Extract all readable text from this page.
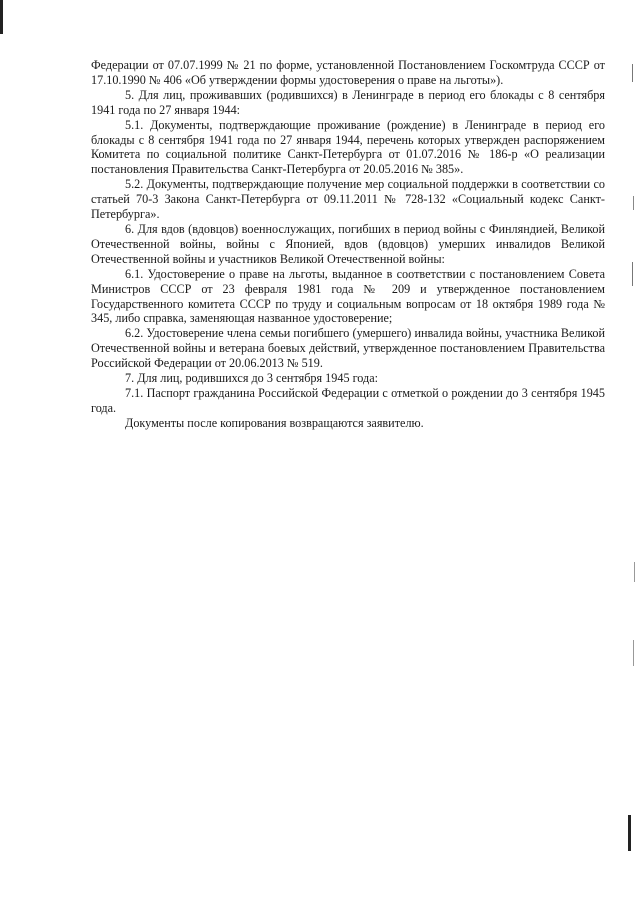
Федерации от 07.07.1999 № 21 по форме, установленной Постановлением Госкомтруда СССР от 17.10.1990 № 406 «Об утверждении формы удостоверения о праве на льготы»).

5. Для лиц, проживавших (родившихся) в Ленинграде в период его блокады с 8 сентября 1941 года по 27 января 1944:

5.1. Документы, подтверждающие проживание (рождение) в Ленинграде в период его блокады с 8 сентября 1941 года по 27 января 1944, перечень которых утвержден распоряжением Комитета по социальной политике Санкт-Петербурга от 01.07.2016 № 186-р «О реализации постановления Правительства Санкт-Петербурга от 20.05.2016 № 385».

5.2. Документы, подтверждающие получение мер социальной поддержки в соответствии со статьей 70-3 Закона Санкт-Петербурга от 09.11.2011 № 728-132 «Социальный кодекс Санкт-Петербурга».

6. Для вдов (вдовцов) военнослужащих, погибших в период войны с Финляндией, Великой Отечественной войны, войны с Японией, вдов (вдовцов) умерших инвалидов Великой Отечественной войны и участников Великой Отечественной войны:

6.1. Удостоверение о праве на льготы, выданное в соответствии с постановлением Совета Министров СССР от 23 февраля 1981 года № 209 и утвержденное постановлением Государственного комитета СССР по труду и социальным вопросам от 18 октября 1989 года № 345, либо справка, заменяющая названное удостоверение;

6.2. Удостоверение члена семьи погибшего (умершего) инвалида войны, участника Великой Отечественной войны и ветерана боевых действий, утвержденное постановлением Правительства Российской Федерации от 20.06.2013 № 519.

7. Для лиц, родившихся до 3 сентября 1945 года:

7.1. Паспорт гражданина Российской Федерации с отметкой о рождении до 3 сентября 1945 года.

Документы после копирования возвращаются заявителю.
